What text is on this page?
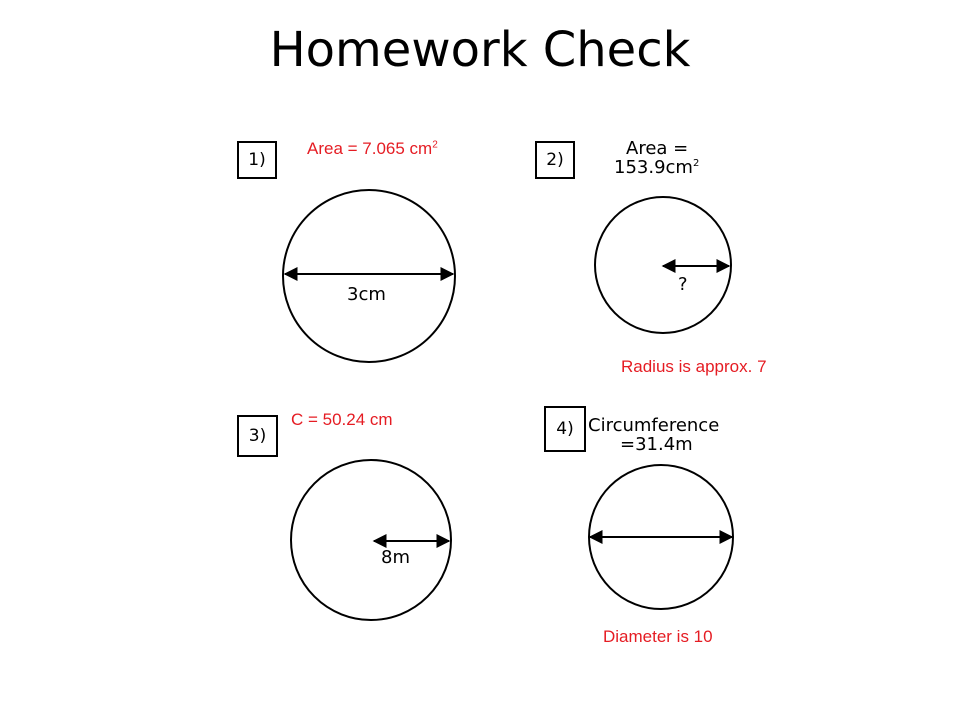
Homework Check
1)
Area = 7.065 $cm^2$
3cm
2)
Area =
$153.9cm^2$
?
Radius is approx. 7
C = 50.24 cm
3)
8m
4) Circumference
=31.4m
Diameter is 10
